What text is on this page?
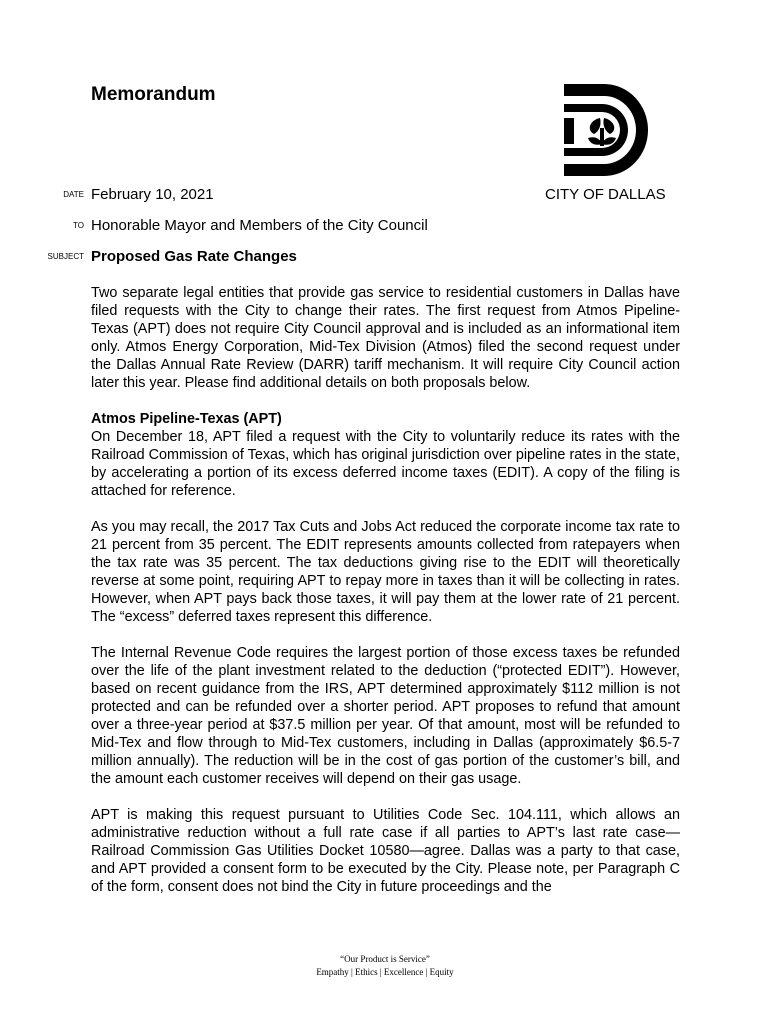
Memorandum
DATE February 10, 2021	CITY OF DALLAS
TO Honorable Mayor and Members of the City Council
SUBJECT Proposed Gas Rate Changes

Two separate legal entities that provide gas service to residential customers in Dallas have filed requests with the City to change their rates. The first request from Atmos Pipeline-Texas (APT) does not require City Council approval and is included as an informational item only. Atmos Energy Corporation, Mid-Tex Division (Atmos) filed the second request under the Dallas Annual Rate Review (DARR) tariff mechanism. It will require City Council action later this year. Please find additional details on both proposals below.

Atmos Pipeline-Texas (APT)

On December 18, APT filed a request with the City to voluntarily reduce its rates with the Railroad Commission of Texas, which has original jurisdiction over pipeline rates in the state, by accelerating a portion of its excess deferred income taxes (EDIT). A copy of the filing is attached for reference.

As you may recall, the 2017 Tax Cuts and Jobs Act reduced the corporate income tax rate to 21 percent from 35 percent. The EDIT represents amounts collected from ratepayers when the tax rate was 35 percent. The tax deductions giving rise to the EDIT will theoretically reverse at some point, requiring APT to repay more in taxes than it will be collecting in rates. However, when APT pays back those taxes, it will pay them at the lower rate of 21 percent. The “excess” deferred taxes represent this difference.

The Internal Revenue Code requires the largest portion of those excess taxes be refunded over the life of the plant investment related to the deduction (“protected EDIT”). However, based on recent guidance from the IRS, APT determined approximately $112 million is not protected and can be refunded over a shorter period. APT proposes to refund that amount over a three-year period at $37.5 million per year. Of that amount, most will be refunded to Mid-Tex and flow through to Mid-Tex customers, including in Dallas (approximately $6.5-7 million annually). The reduction will be in the cost of gas portion of the customer’s bill, and the amount each customer receives will depend on their gas usage.

APT is making this request pursuant to Utilities Code Sec. 104.111, which allows an administrative reduction without a full rate case if all parties to APT’s last rate case—Railroad Commission Gas Utilities Docket 10580—agree. Dallas was a party to that case, and APT provided a consent form to be executed by the City. Please note, per Paragraph C of the form, consent does not bind the City in future proceedings and the

“Our Product is Service”
Empathy | Ethics | Excellence | Equity
